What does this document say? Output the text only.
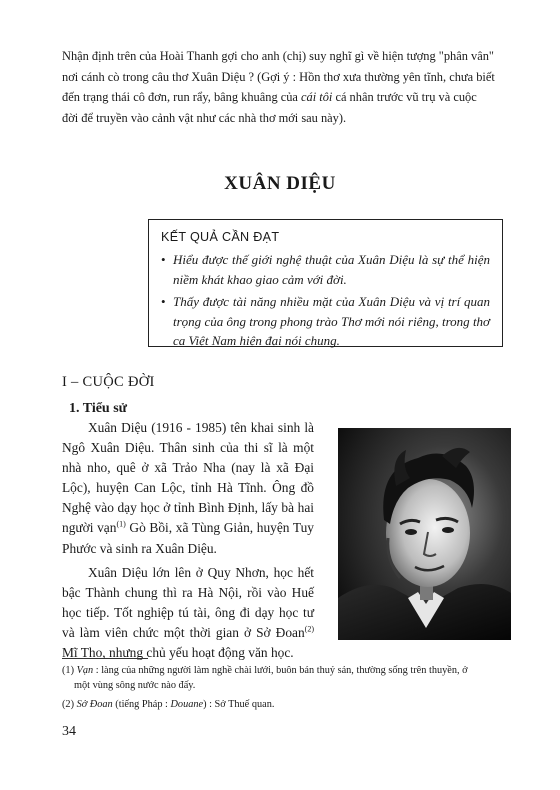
Nhận định trên của Hoài Thanh gợi cho anh (chị) suy nghĩ gì về hiện tượng "phân vân"
nơi cánh cò trong câu thơ Xuân Diệu ? (Gợi ý : Hồn thơ xưa thường yên tĩnh, chưa biết
đến trạng thái cô đơn, run rẩy, bâng khuâng của cái tôi cá nhân trước vũ trụ và cuộc
đời để truyền vào cảnh vật như các nhà thơ mới sau này).
XUÂN DIỆU
KẾT QUẢ CẦN ĐẠT
• Hiểu được thế giới nghệ thuật của Xuân Diệu là sự thể hiện niềm khát khao giao cảm với đời.
• Thấy được tài năng nhiều mặt của Xuân Diệu và vị trí quan trọng của ông trong phong trào Thơ mới nói riêng, trong thơ ca Việt Nam hiện đại nói chung.
I – CUỘC ĐỜI
1. Tiểu sử

Xuân Diệu (1916 - 1985) tên khai sinh là Ngô Xuân Diệu. Thân sinh của thi sĩ là một nhà nho, quê ở xã Trảo Nha (nay là xã Đại Lộc), huyện Can Lộc, tỉnh Hà Tĩnh. Ông đồ Nghệ vào dạy học ở tỉnh Bình Định, lấy bà hai người vạn$^{(1)}$ Gò Bồi, xã Tùng Giản, huyện Tuy Phước và sinh ra Xuân Diệu.

Xuân Diệu lớn lên ở Quy Nhơn, học hết bậc Thành chung thì ra Hà Nội, rồi vào Huế học tiếp. Tốt nghiệp tú tài, ông đi dạy học tư và làm viên chức một thời gian ở Sở Đoan$^{(2)}$ Mĩ Tho, nhưng chủ yếu hoạt động văn học.

(1) Vạn : làng của những người làm nghề chài lưới, buôn bán thuỷ sản, thường sống trên thuyền, ở
một vùng sông nước nào đấy.
(2) Sở Đoan (tiếng Pháp : Douane) : Sở Thuế quan.
34
